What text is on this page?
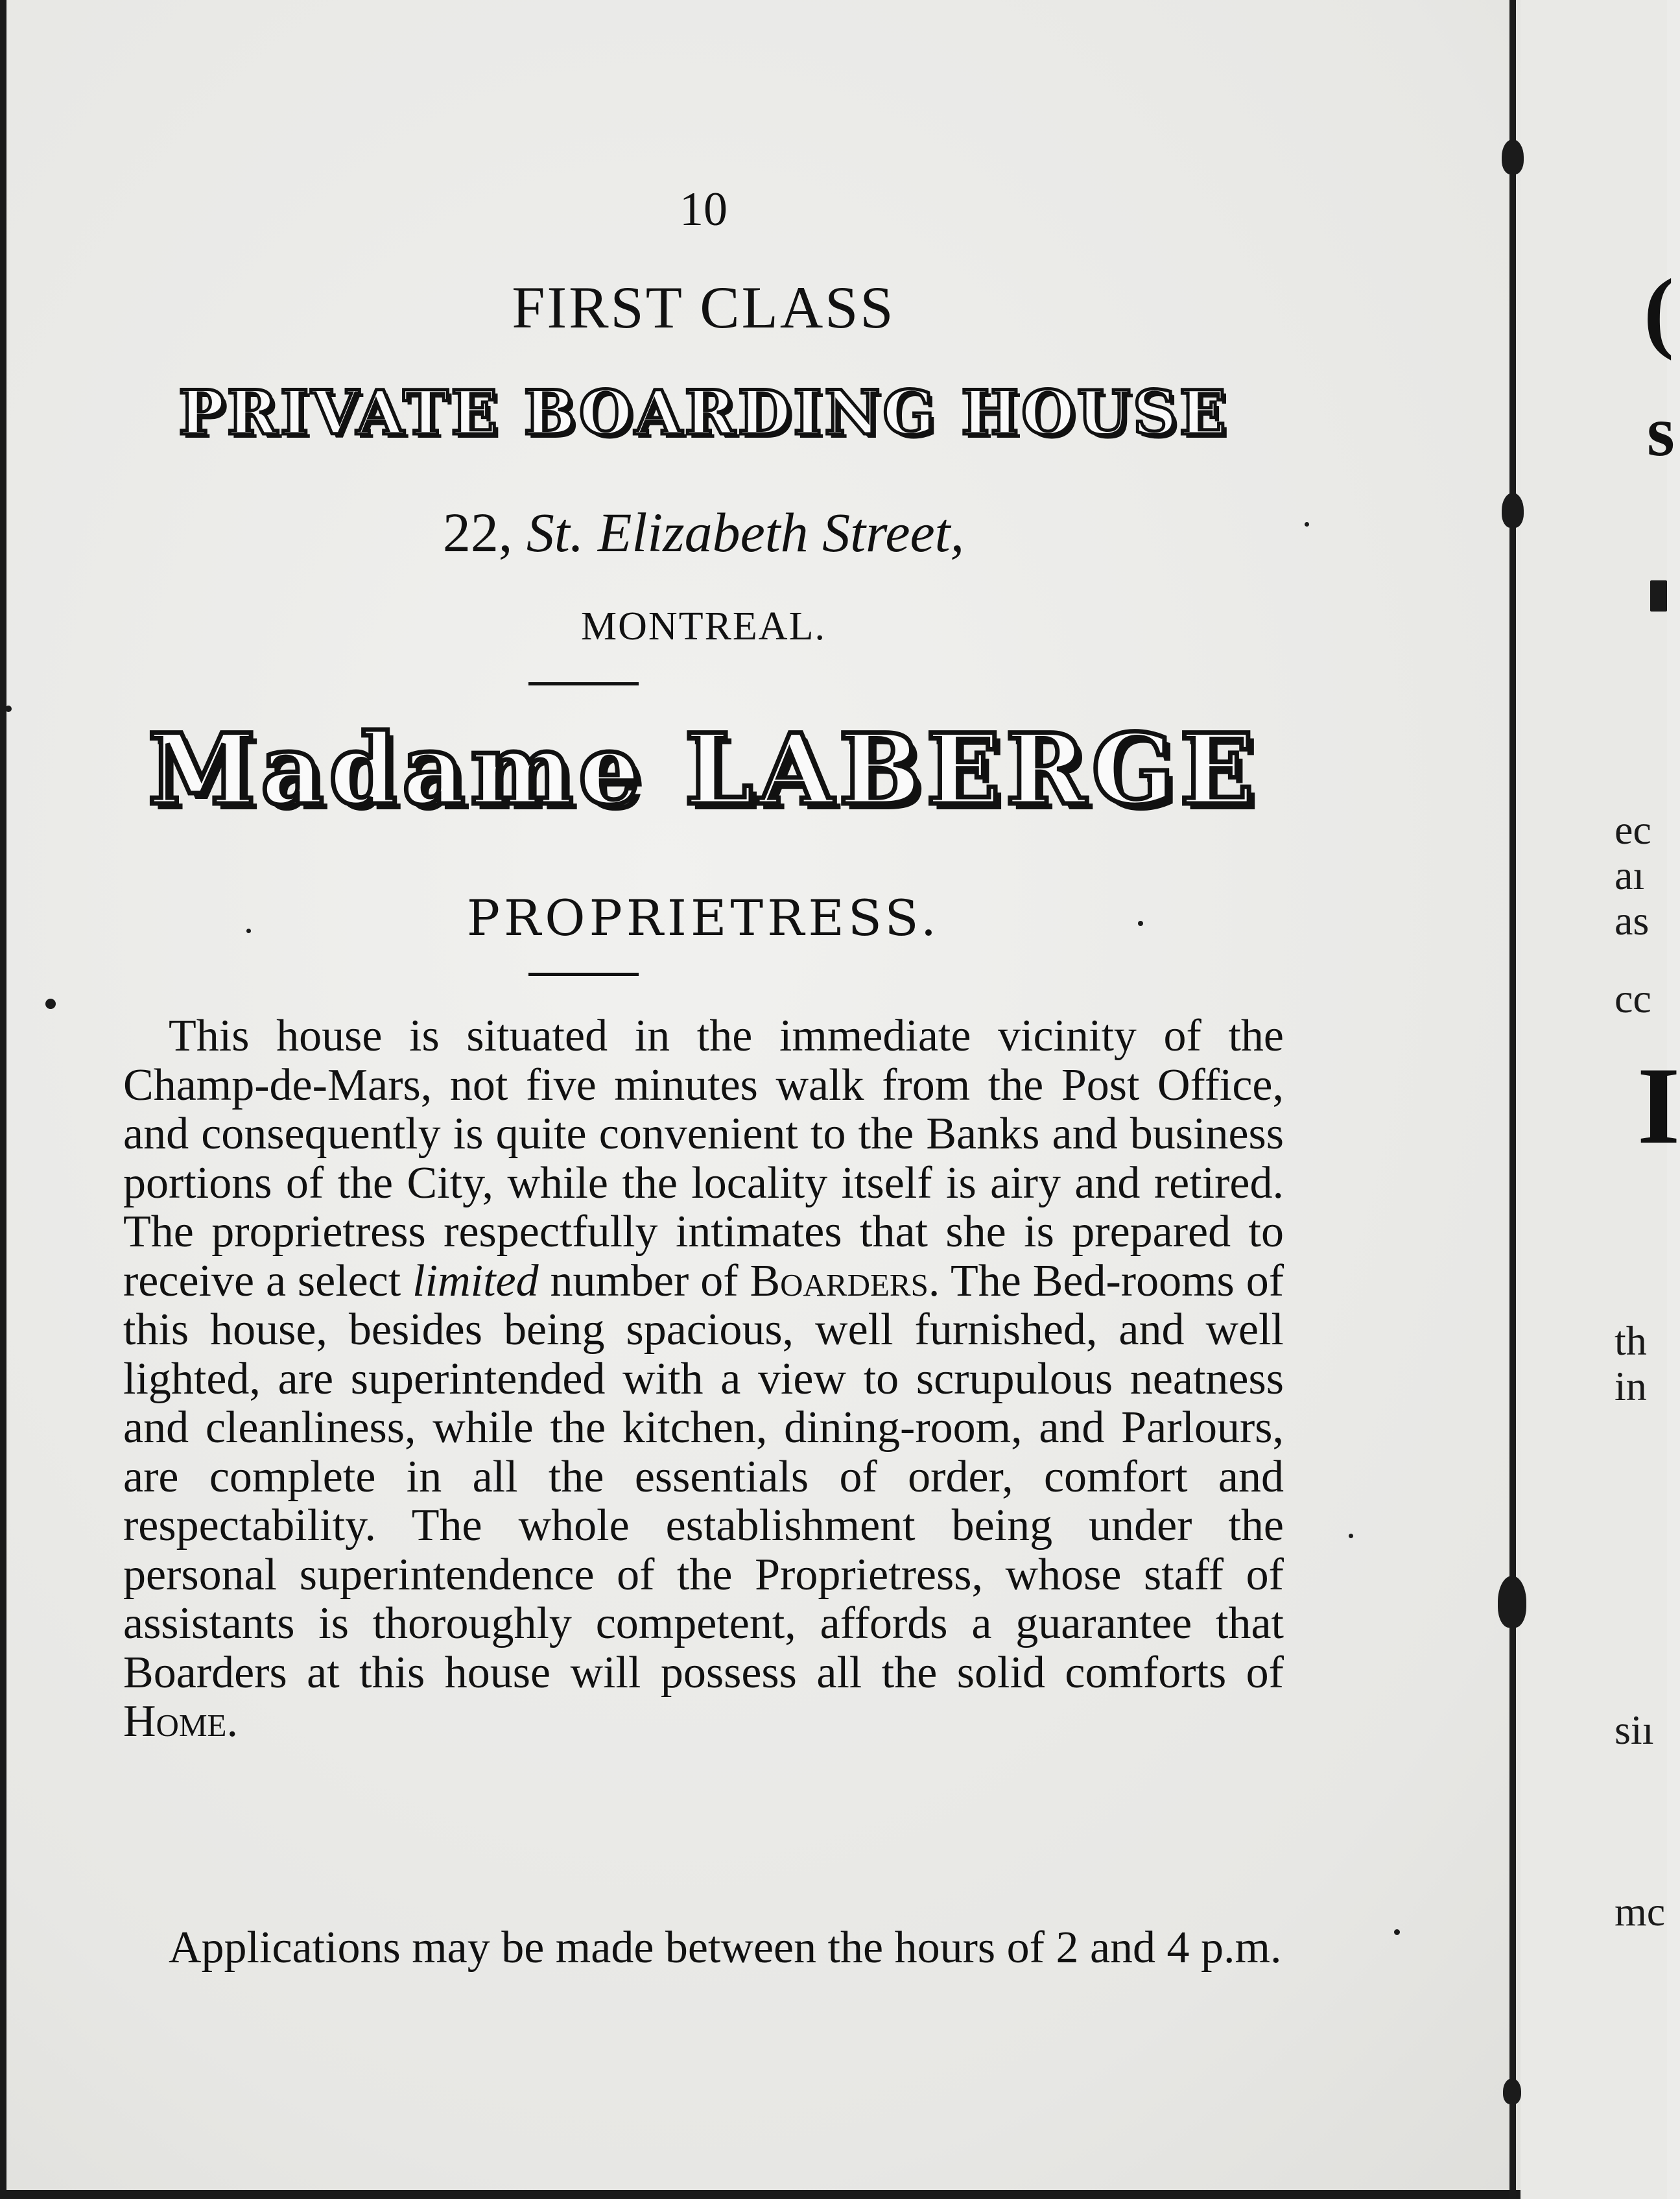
(
s
ec
aı
as
cc
I
th
in
siı
mc
10
FIRST CLASS
PRIVATE BOARDING HOUSE
22, St. Elizabeth Street,
MONTREAL.
Madame LABERGE
PROPRIETRESS.

This house is situated in the immediate vicinity of the Champ-de-Mars, not five minutes walk from the Post Office, and consequently is quite convenient to the Banks and business portions of the City, while the locality itself is airy and retired. The proprietress respectfully intimates that she is prepared to receive a select limited number of Boarders. The Bed-rooms of this house, besides being spacious, well furnished, and well lighted, are superintended with a view to scrupulous neatness and cleanliness, while the kitchen, dining-room, and Parlours, are complete in all the essentials of order, comfort and respectability. The whole establishment being under the personal superintendence of the Proprietress, whose staff of assistants is thoroughly competent, affords a guarantee that Boarders at this house will possess all the solid comforts of Home.

Applications may be made between the hours of 2 and 4 p.m.
